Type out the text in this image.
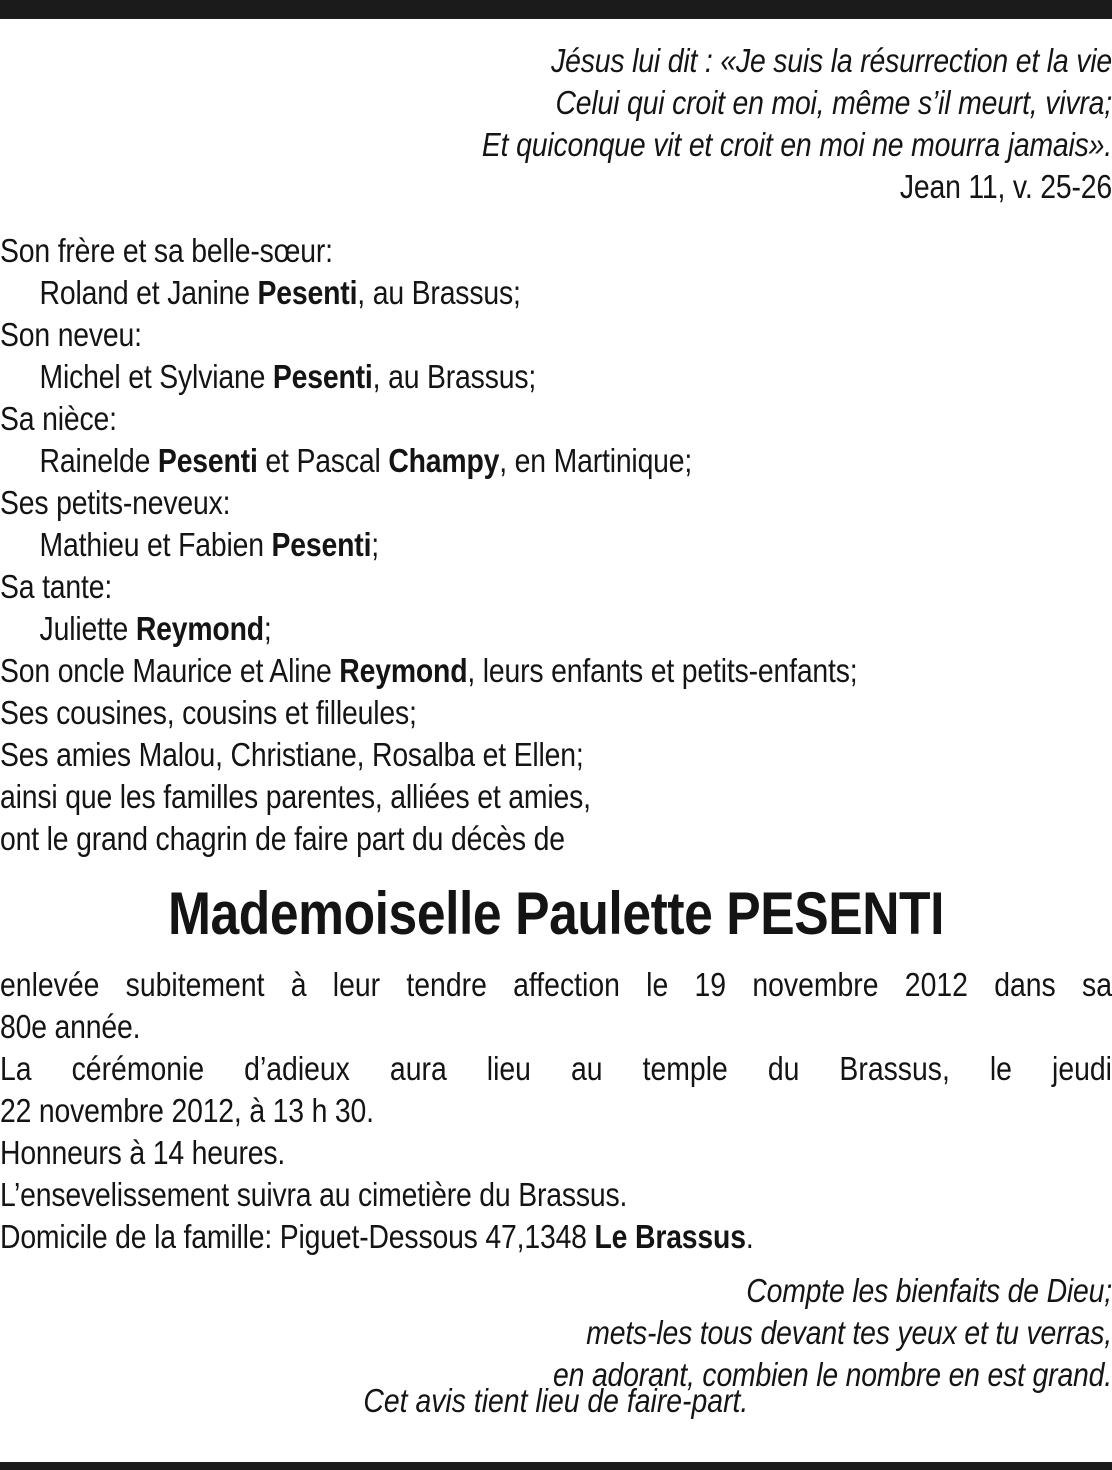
Jésus lui dit : «Je suis la résurrection et la vie
Celui qui croit en moi, même s’il meurt, vivra;
Et quiconque vit et croit en moi ne mourra jamais».
Jean 11, v. 25-26
Son frère et sa belle-sœur:
Roland et Janine Pesenti, au Brassus;
Son neveu:
Michel et Sylviane Pesenti, au Brassus;
Sa nièce:
Rainelde Pesenti et Pascal Champy, en Martinique;
Ses petits-neveux:
Mathieu et Fabien Pesenti;
Sa tante:
Juliette Reymond;
Son oncle Maurice et Aline Reymond, leurs enfants et petits-enfants;
Ses cousines, cousins et filleules;
Ses amies Malou, Christiane, Rosalba et Ellen;
ainsi que les familles parentes, alliées et amies,
ont le grand chagrin de faire part du décès de
Mademoiselle Paulette PESENTI
enlevée subitement à leur tendre affection le 19 novembre 2012 dans sa
80e année.
La cérémonie d’adieux aura lieu au temple du Brassus, le jeudi
22 novembre 2012, à 13 h 30.
Honneurs à 14 heures.
L’ensevelissement suivra au cimetière du Brassus.
Domicile de la famille: Piguet-Dessous 47,1348 Le Brassus.
Compte les bienfaits de Dieu;
mets-les tous devant tes yeux et tu verras,
en adorant, combien le nombre en est grand.
Cet avis tient lieu de faire-part.
